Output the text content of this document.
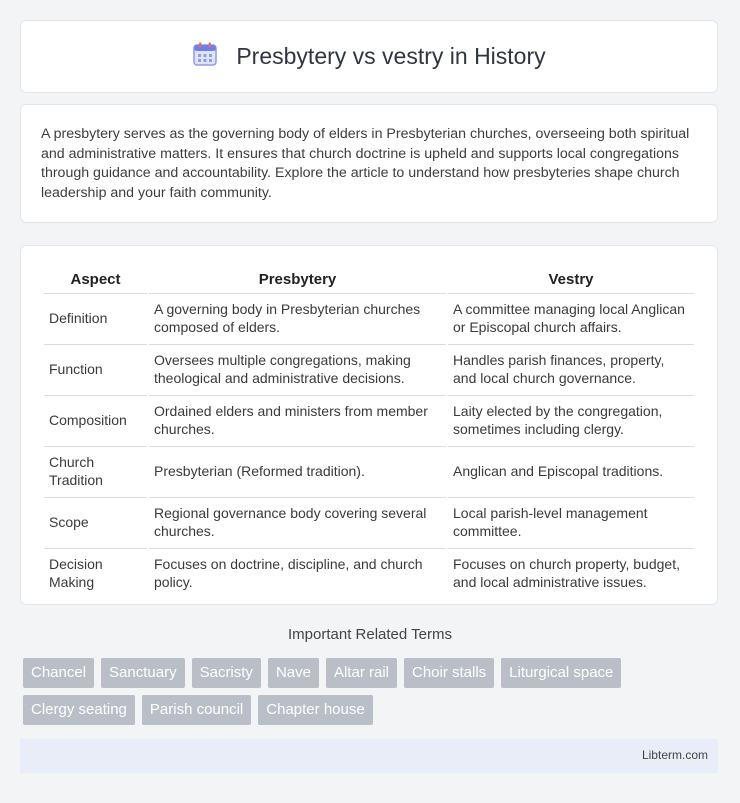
Presbytery vs vestry in History
A presbytery serves as the governing body of elders in Presbyterian churches, overseeing both spiritual and administrative matters. It ensures that church doctrine is upheld and supports local congregations through guidance and accountability. Explore the article to understand how presbyteries shape church leadership and your faith community.
Aspect	Presbytery	Vestry
Definition	A governing body in Presbyterian churches composed of elders.	A committee managing local Anglican or Episcopal church affairs.
Function	Oversees multiple congregations, making theological and administrative decisions.	Handles parish finances, property, and local church governance.
Composition	Ordained elders and ministers from member churches.	Laity elected by the congregation, sometimes including clergy.
Church Tradition	Presbyterian (Reformed tradition).	Anglican and Episcopal traditions.
Scope	Regional governance body covering several churches.	Local parish-level management committee.
Decision Making	Focuses on doctrine, discipline, and church policy.	Focuses on church property, budget, and local administrative issues.
Important Related Terms
Chancel	Sanctuary	Sacristy	Nave	Altar rail	Choir stalls	Liturgical space
Clergy seating	Parish council	Chapter house
Libterm.com
